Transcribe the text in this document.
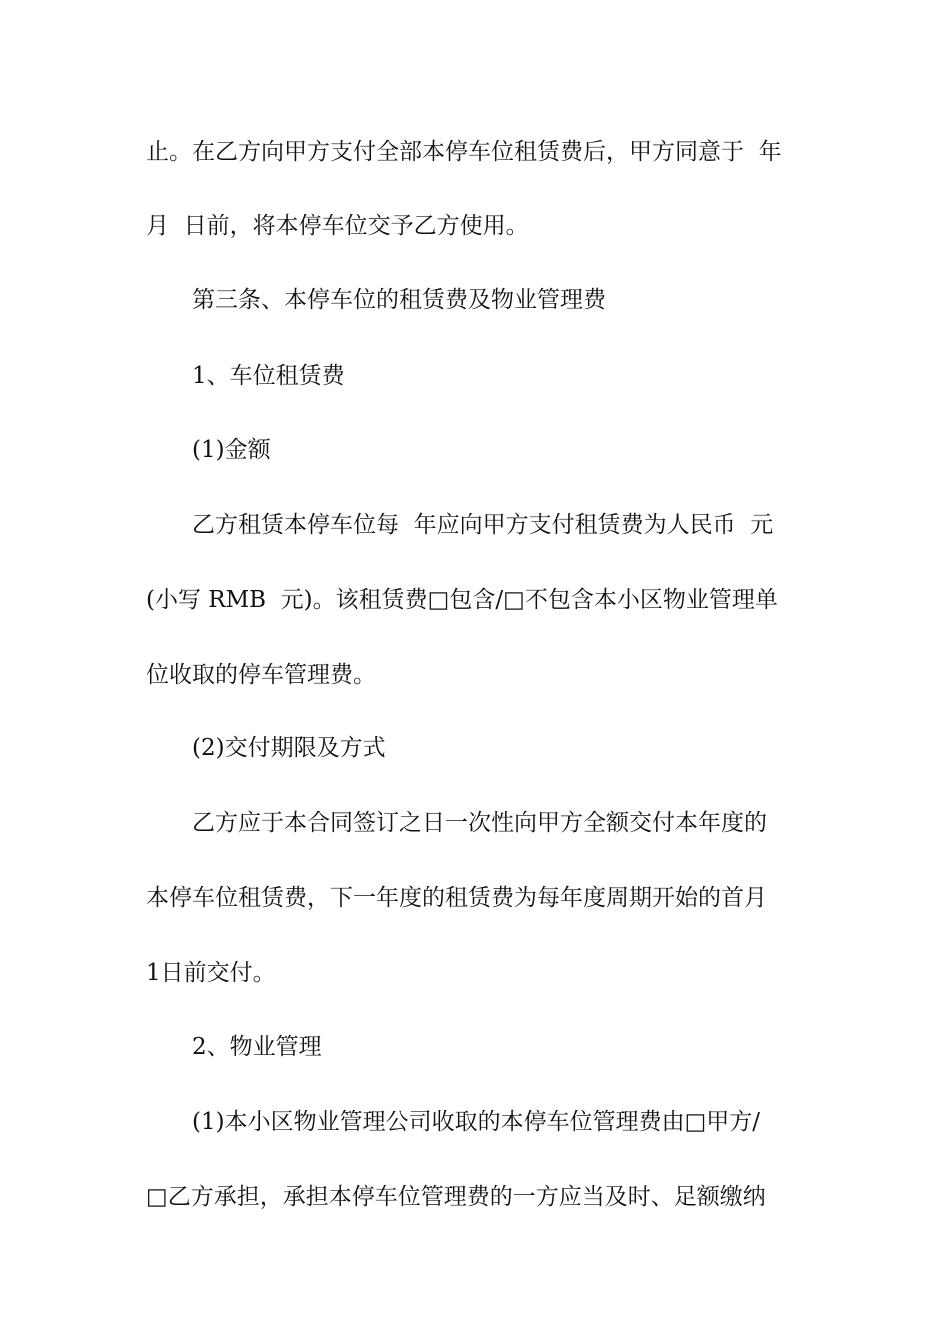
止。在乙方向甲方支付全部本停车位租赁费后，甲方同意于  年
月  日前，将本停车位交予乙方使用。
第三条、本停车位的租赁费及物业管理费
1、车位租赁费
(1)金额
乙方租赁本停车位每  年应向甲方支付租赁费为人民币  元
(小写 RMB  元)。该租赁费□包含/□不包含本小区物业管理单
位收取的停车管理费。
(2)交付期限及方式
乙方应于本合同签订之日一次性向甲方全额交付本年度的
本停车位租赁费，下一年度的租赁费为每年度周期开始的首月
1日前交付。
2、物业管理
(1)本小区物业管理公司收取的本停车位管理费由□甲方/
□乙方承担，承担本停车位管理费的一方应当及时、足额缴纳
